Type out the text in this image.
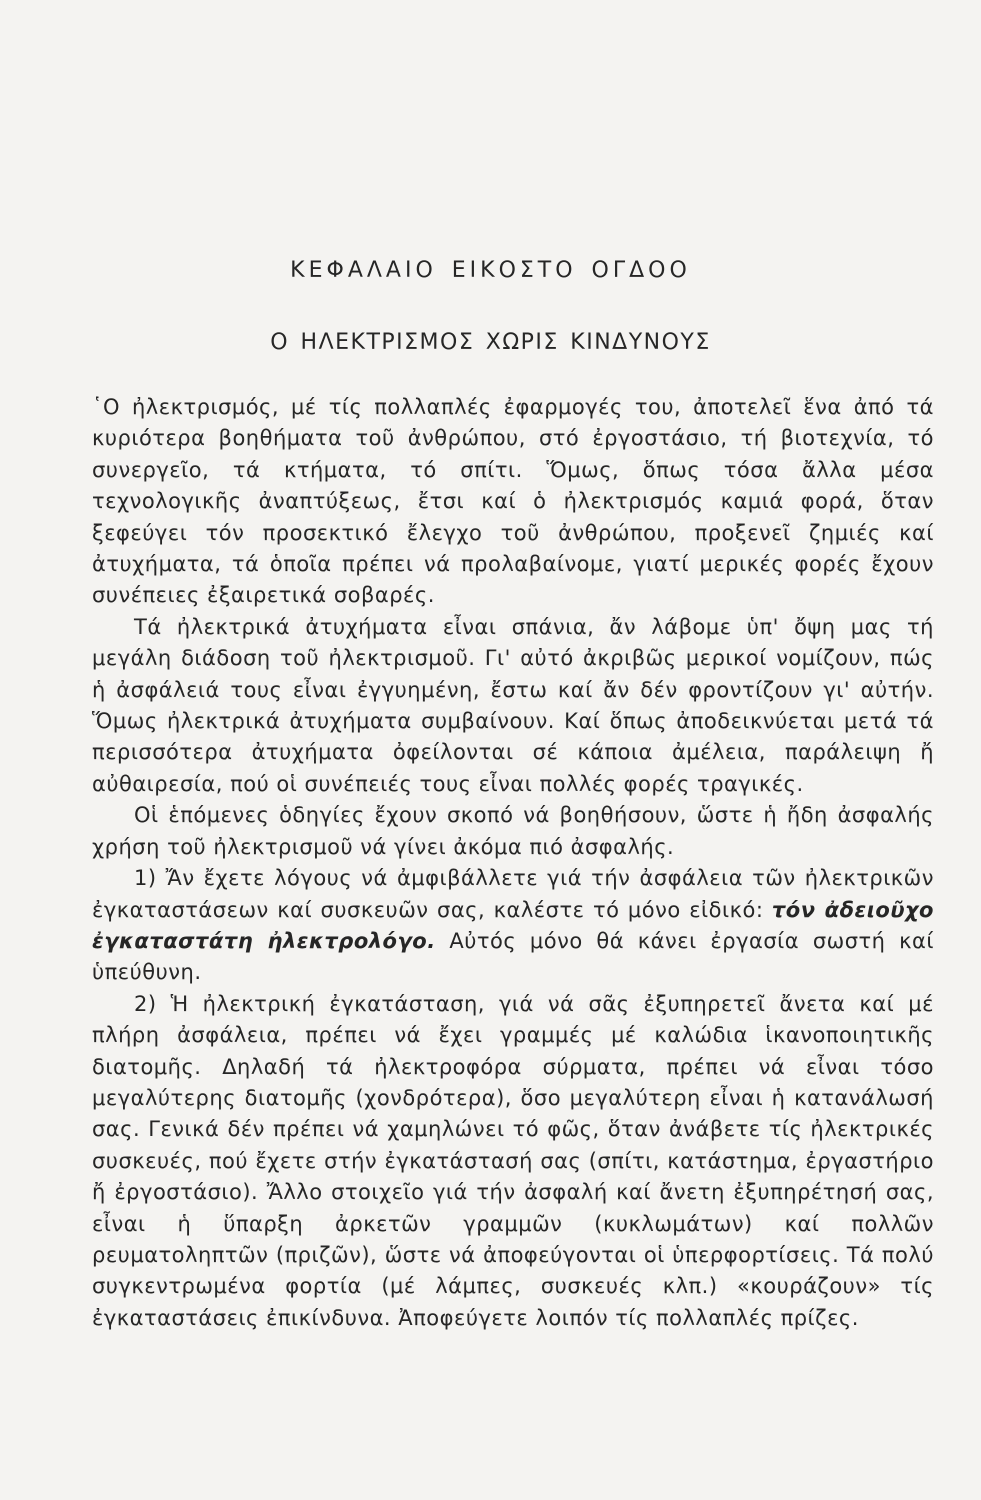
ΚΕΦΑΛΑΙΟ ΕΙΚΟΣΤΟ ΟΓΔΟΟ
Ο ΗΛΕΚΤΡΙΣΜΟΣ ΧΩΡΙΣ ΚΙΝΔΥΝΟΥΣ

῾Ο ἠλεκτρισμός, μέ τίς πολλαπλές ἐφαρμογές του, ἀποτελεῖ ἕνα ἀπό τά κυριότερα βοηθήματα τοῦ ἀνθρώπου, στό ἐργοστάσιο, τή βιοτεχνία, τό συνεργεῖο, τά κτήματα, τό σπίτι. Ὅμως, ὅπως τόσα ἄλλα μέσα τεχνολογικῆς ἀναπτύξεως, ἔτσι καί ὁ ἠλεκτρισμός καμιά φορά, ὅταν ξεφεύγει τόν προσεκτικό ἔλεγχο τοῦ ἀνθρώπου, προξενεῖ ζημιές καί ἀτυχήματα, τά ὁποῖα πρέπει νά προλαβαίνομε, γιατί μερικές φορές ἔχουν συνέπειες ἐξαιρετικά σοβαρές.

Τά ἠλεκτρικά ἀτυχήματα εἶναι σπάνια, ἄν λάβομε ὑπ' ὄψη μας τή μεγάλη διάδοση τοῦ ἠλεκτρισμοῦ. Γι' αὐτό ἀκριβῶς μερικοί νομίζουν, πώς ἡ ἀσφάλειά τους εἶναι ἐγγυημένη, ἔστω καί ἄν δέν φροντίζουν γι' αὐτήν. Ὅμως ἠλεκτρικά ἀτυχήματα συμβαίνουν. Καί ὅπως ἀποδεικνύεται μετά τά περισσότερα ἀτυχήματα ὀφείλονται σέ κάποια ἀμέλεια, παράλειψη ἤ αὐθαιρεσία, πού οἱ συνέπειές τους εἶναι πολλές φορές τραγικές.

Οἱ ἑπόμενες ὁδηγίες ἔχουν σκοπό νά βοηθήσουν, ὥστε ἡ ἤδη ἀσφαλής χρήση τοῦ ἠλεκτρισμοῦ νά γίνει ἀκόμα πιό ἀσφαλής.

1) Ἄν ἔχετε λόγους νά ἀμφιβάλλετε γιά τήν ἀσφάλεια τῶν ἠλεκτρικῶν ἐγκαταστάσεων καί συσκευῶν σας, καλέστε τό μόνο εἰδικό: τόν ἀδειοῦχο ἐγκαταστάτη ἠλεκτρολόγο. Αὐτός μόνο θά κάνει ἐργασία σωστή καί ὑπεύθυνη.

2) Ἡ ἠλεκτρική ἐγκατάσταση, γιά νά σᾶς ἐξυπηρετεῖ ἄνετα καί μέ πλήρη ἀσφάλεια, πρέπει νά ἔχει γραμμές μέ καλώδια ἱκανοποιητικῆς διατομῆς. Δηλαδή τά ἠλεκτροφόρα σύρματα, πρέπει νά εἶναι τόσο μεγαλύτερης διατομῆς (χονδρότερα), ὅσο μεγαλύτερη εἶναι ἡ κατανάλωσή σας. Γενικά δέν πρέπει νά χαμηλώνει τό φῶς, ὅταν ἀνάβετε τίς ἠλεκτρικές συσκευές, πού ἔχετε στήν ἐγκατάστασή σας (σπίτι, κατάστημα, ἐργαστήριο ἤ ἐργοστάσιο). Ἄλλο στοιχεῖο γιά τήν ἀσφαλή καί ἄνετη ἐξυπηρέτησή σας, εἶναι ἡ ὕπαρξη ἀρκετῶν γραμμῶν (κυκλωμάτων) καί πολλῶν ρευματοληπτῶν (πριζῶν), ὥστε νά ἀποφεύγονται οἱ ὑπερφορτίσεις. Τά πολύ συγκεντρωμένα φορτία (μέ λάμπες, συσκευές κλπ.) «κουράζουν» τίς ἐγκαταστάσεις ἐπικίνδυνα. Ἀποφεύγετε λοιπόν τίς πολλαπλές πρίζες.
